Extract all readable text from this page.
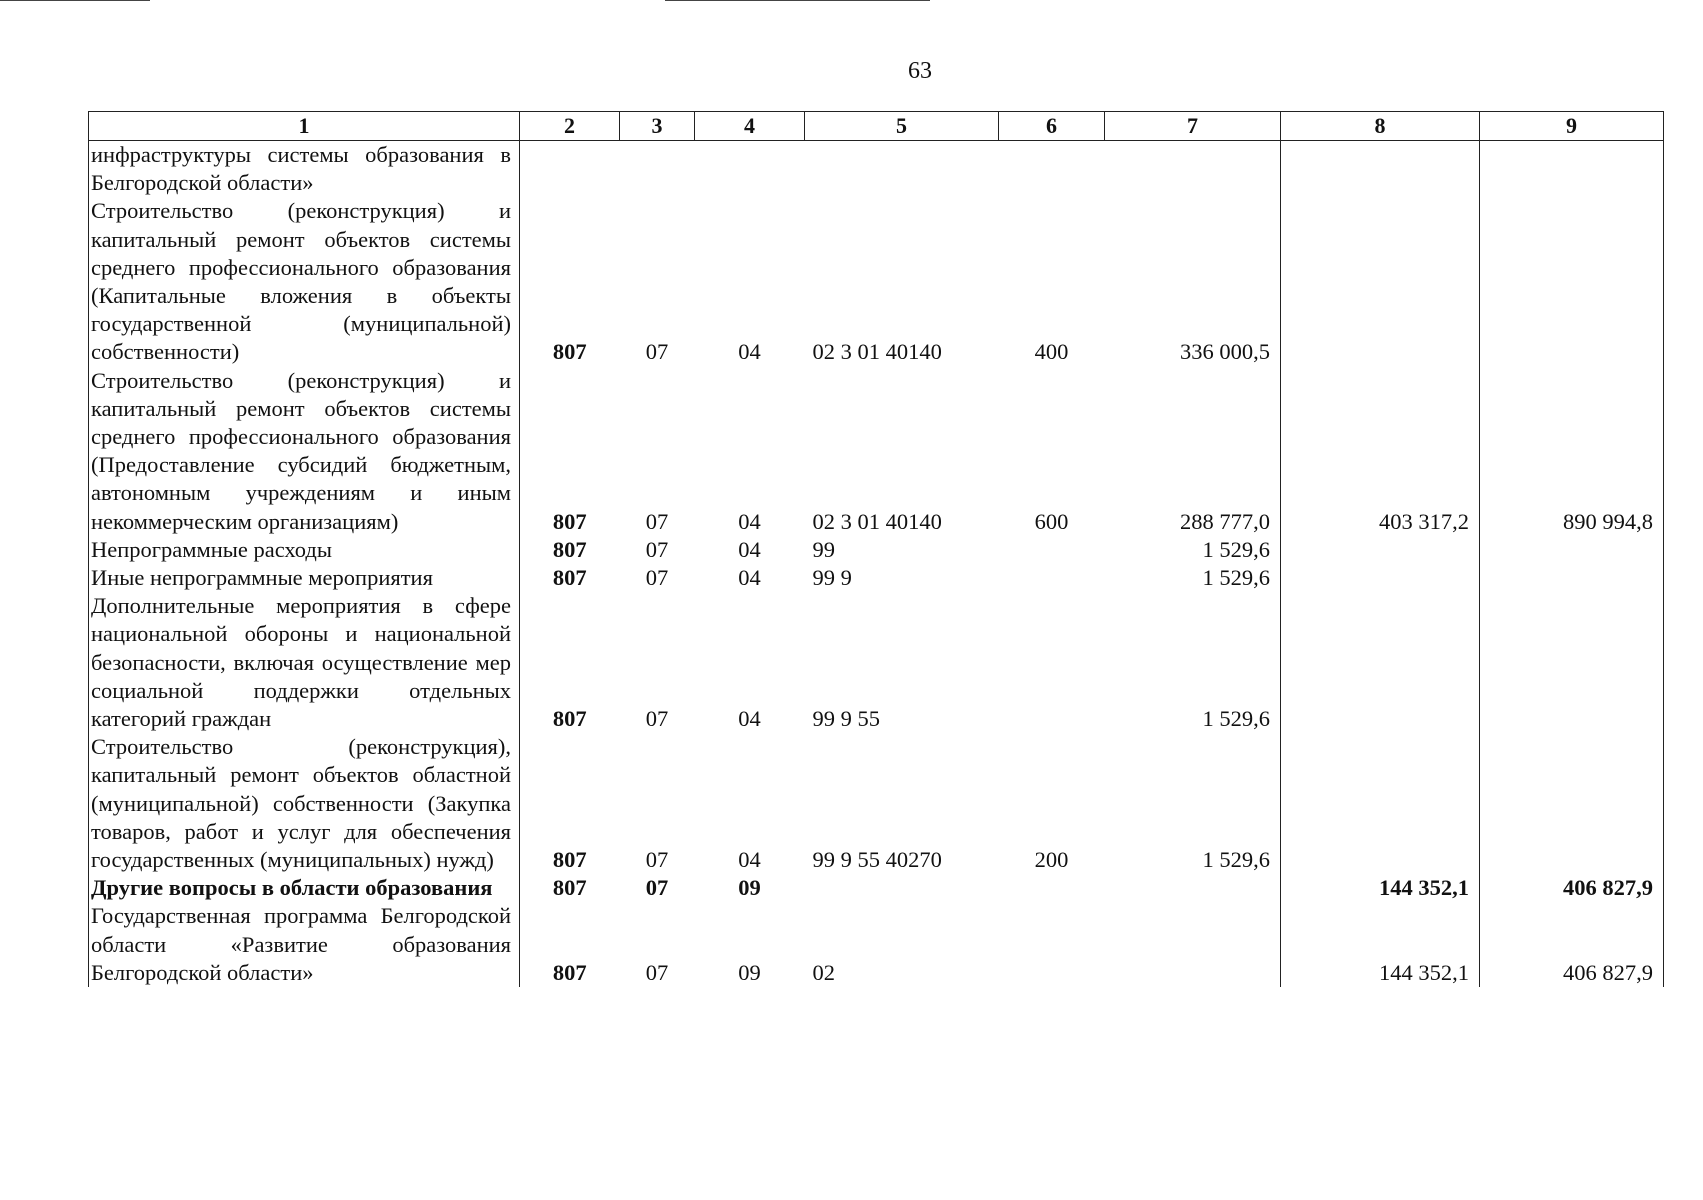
63
1	2	3	4	5	6	7	8	9
инфраструктуры системы образования в Белгородской области»								
Строительство (реконструкция) и капитальный ремонт объектов системы среднего профессионального образования (Капитальные вложения в объекты государственной (муниципальной) собственности)	807	07	04	02 3 01 40140	400	336 000,5		
Строительство (реконструкция) и капитальный ремонт объектов системы среднего профессионального образования (Предоставление субсидий бюджетным, автономным учреждениям и иным некоммерческим организациям)	807	07	04	02 3 01 40140	600	288 777,0	403 317,2	890 994,8
Непрограммные расходы	807	07	04	99		1 529,6		
Иные непрограммные мероприятия	807	07	04	99 9		1 529,6		
Дополнительные мероприятия в сфере национальной обороны и национальной безопасности, включая осуществление мер социальной поддержки отдельных категорий граждан	807	07	04	99 9 55		1 529,6		
Строительство (реконструкция), капитальный ремонт объектов областной (муниципальной) собственности (Закупка товаров, работ и услуг для обеспечения государственных (муниципальных) нужд)	807	07	04	99 9 55 40270	200	1 529,6		
Другие вопросы в области образования	807	07	09				144 352,1	406 827,9
Государственная программа Белгородской области «Развитие образования Белгородской области»	807	07	09	02			144 352,1	406 827,9
